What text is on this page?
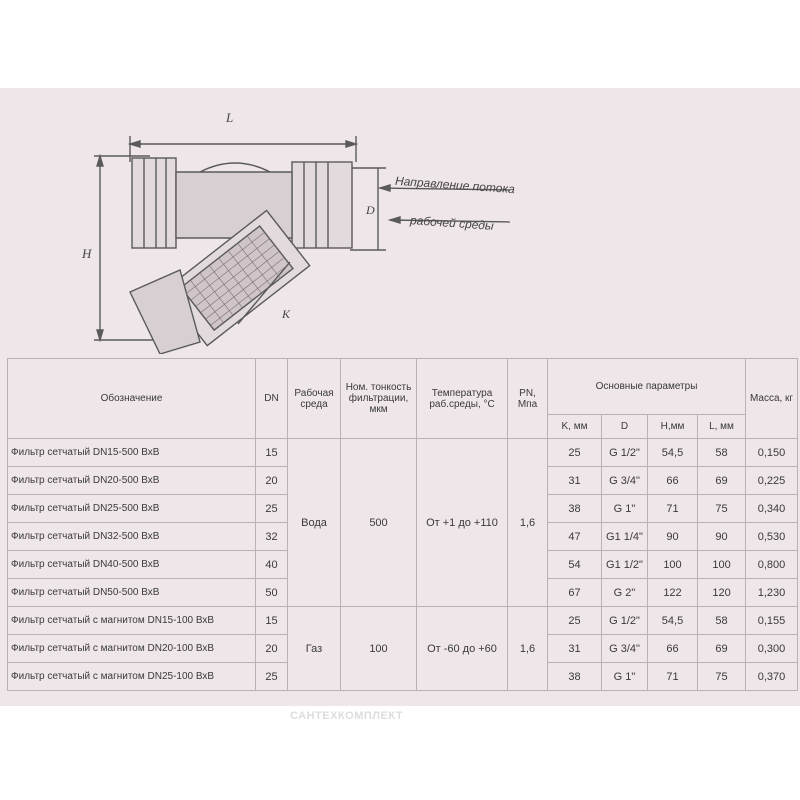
L
H
D
K
Направление потока
рабочей среды
Обозначение	DN	Рабочая среда	Ном. тонкость фильтрации, мкм	Температура раб.среды, °С	PN, Мпа	Основные параметры				Масса, кг
						K, мм	D	H,мм	L, мм	
Фильтр сетчатый DN15-500 ВхВ	15	Вода	500	От +1 до +110	1,6	25	G 1/2"	54,5	58	0,150
Фильтр сетчатый DN20-500 ВхВ	20					31	G 3/4"	66	69	0,225
Фильтр сетчатый DN25-500 ВхВ	25					38	G 1"	71	75	0,340
Фильтр сетчатый DN32-500 ВхВ	32					47	G1 1/4"	90	90	0,530
Фильтр сетчатый DN40-500 ВхВ	40					54	G1 1/2"	100	100	0,800
Фильтр сетчатый DN50-500 ВхВ	50					67	G 2"	122	120	1,230
Фильтр сетчатый с магнитом DN15-100 ВхВ	15	Газ	100	От -60 до +60	1,6	25	G 1/2"	54,5	58	0,155
Фильтр сетчатый с магнитом DN20-100 ВхВ	20					31	G 3/4"	66	69	0,300
Фильтр сетчатый с магнитом DN25-100 ВхВ	25					38	G 1"	71	75	0,370
САНТЕХКОМПЛЕКТ
